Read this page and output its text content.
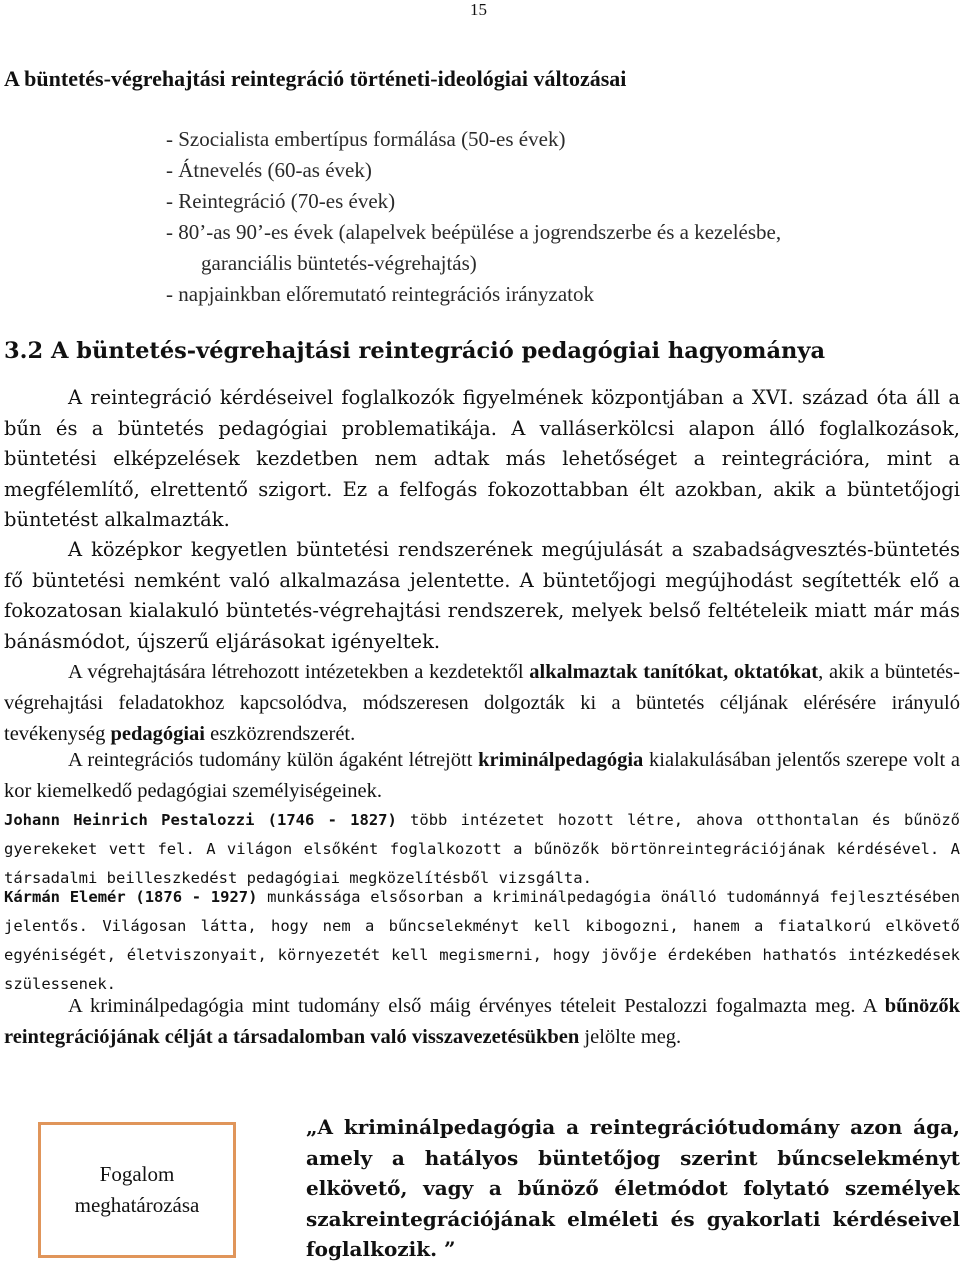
15
A büntetés-végrehajtási reintegráció történeti-ideológiai változásai
- Szocialista embertípus formálása (50-es évek)
- Átnevelés (60-as évek)
- Reintegráció (70-es évek)
- 80’-as 90’-es évek (alapelvek beépülése a jogrendszerbe és a kezelésbe,
garanciális büntetés-végrehajtás)
- napjainkban előremutató reintegrációs irányzatok
3.2 A büntetés-végrehajtási reintegráció pedagógiai hagyománya
A reintegráció kérdéseivel foglalkozók figyelmének központjában a XVI. század óta áll a bűn és a büntetés pedagógiai problematikája. A valláserkölcsi alapon álló foglalkozások, büntetési elképzelések kezdetben nem adtak más lehetőséget a reintegrációra, mint a megfélemlítő, elrettentő szigort. Ez a felfogás fokozottabban élt azokban, akik a büntetőjogi büntetést alkalmazták.
A középkor kegyetlen büntetési rendszerének megújulását a szabadságvesztés-büntetés fő büntetési nemként való alkalmazása jelentette. A büntetőjogi megújhodást segítették elő a fokozatosan kialakuló büntetés-végrehajtási rendszerek, melyek belső feltételeik miatt már más bánásmódot, újszerű eljárásokat igényeltek.
A végrehajtására létrehozott intézetekben a kezdetektől alkalmaztak tanítókat, oktatókat, akik a büntetés-végrehajtási feladatokhoz kapcsolódva, módszeresen dolgozták ki a büntetés céljának elérésére irányuló tevékenység pedagógiai eszközrendszerét.
A reintegrációs tudomány külön ágaként létrejött kriminálpedagógia kialakulásában jelentős szerepe volt a kor kiemelkedő pedagógiai személyiségeinek.
Johann Heinrich Pestalozzi (1746 - 1827) több intézetet hozott létre, ahova otthontalan és bűnöző gyerekeket vett fel. A világon elsőként foglalkozott a bűnözők börtönreintegrációjának kérdésével. A társadalmi beilleszkedést pedagógiai megközelítésből vizsgálta.
Kármán Elemér (1876 - 1927) munkássága elsősorban a kriminálpedagógia önálló tudománnyá fejlesztésében jelentős. Világosan látta, hogy nem a bűncselekményt kell kibogozni, hanem a fiatalkorú elkövető egyéniségét, életviszonyait, környezetét kell megismerni, hogy jövője érdekében hathatós intézkedések szülessenek.
A kriminálpedagógia mint tudomány első máig érvényes tételeit Pestalozzi fogalmazta meg. A bűnözők reintegrációjának célját a társadalomban való visszavezetésükben jelölte meg.
Fogalom
meghatározása
„A kriminálpedagógia a reintegrációtudomány azon ága, amely a hatályos büntetőjog szerint bűncselekményt elkövető, vagy a bűnöző életmódot folytató személyek szakreintegrációjának elméleti és gyakorlati kérdéseivel foglalkozik. ”
